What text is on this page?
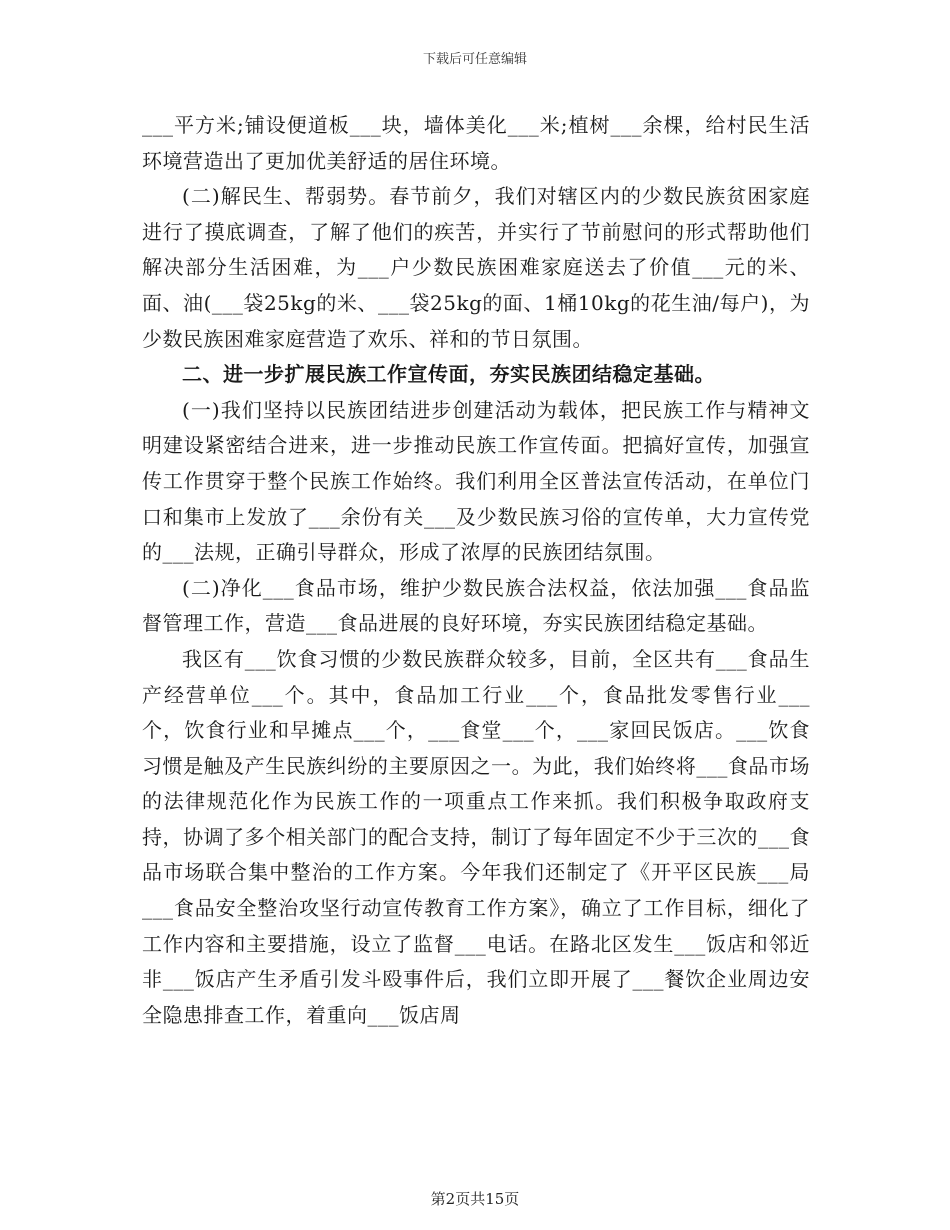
下载后可任意编辑

___平方米;铺设便道板___块，墙体美化___米;植树___余棵，给村民生活环境营造出了更加优美舒适的居住环境。

(二)解民生、帮弱势。春节前夕，我们对辖区内的少数民族贫困家庭进行了摸底调查，了解了他们的疾苦，并实行了节前慰问的形式帮助他们解决部分生活困难，为___户少数民族困难家庭送去了价值___元的米、面、油(___袋25kg的米、___袋25kg的面、1桶10kg的花生油/每户)，为少数民族困难家庭营造了欢乐、祥和的节日氛围。

二、进一步扩展民族工作宣传面，夯实民族团结稳定基础。

(一)我们坚持以民族团结进步创建活动为载体，把民族工作与精神文明建设紧密结合进来，进一步推动民族工作宣传面。把搞好宣传，加强宣传工作贯穿于整个民族工作始终。我们利用全区普法宣传活动，在单位门口和集市上发放了___余份有关___及少数民族习俗的宣传单，大力宣传党的___法规，正确引导群众，形成了浓厚的民族团结氛围。

(二)净化___食品市场，维护少数民族合法权益，依法加强___食品监督管理工作，营造___食品进展的良好环境，夯实民族团结稳定基础。

我区有___饮食习惯的少数民族群众较多，目前，全区共有___食品生产经营单位___个。其中，食品加工行业___个，食品批发零售行业___个，饮食行业和早摊点___个，___食堂___个，___家回民饭店。___饮食习惯是触及产生民族纠纷的主要原因之一。为此，我们始终将___食品市场的法律规范化作为民族工作的一项重点工作来抓。我们积极争取政府支持，协调了多个相关部门的配合支持，制订了每年固定不少于三次的___食品市场联合集中整治的工作方案。今年我们还制定了《开平区民族___局___食品安全整治攻坚行动宣传教育工作方案》，确立了工作目标，细化了工作内容和主要措施，设立了监督___电话。在路北区发生___饭店和邻近非___饭店产生矛盾引发斗殴事件后，我们立即开展了___餐饮企业周边安全隐患排查工作，着重向___饭店周

第2页共15页
